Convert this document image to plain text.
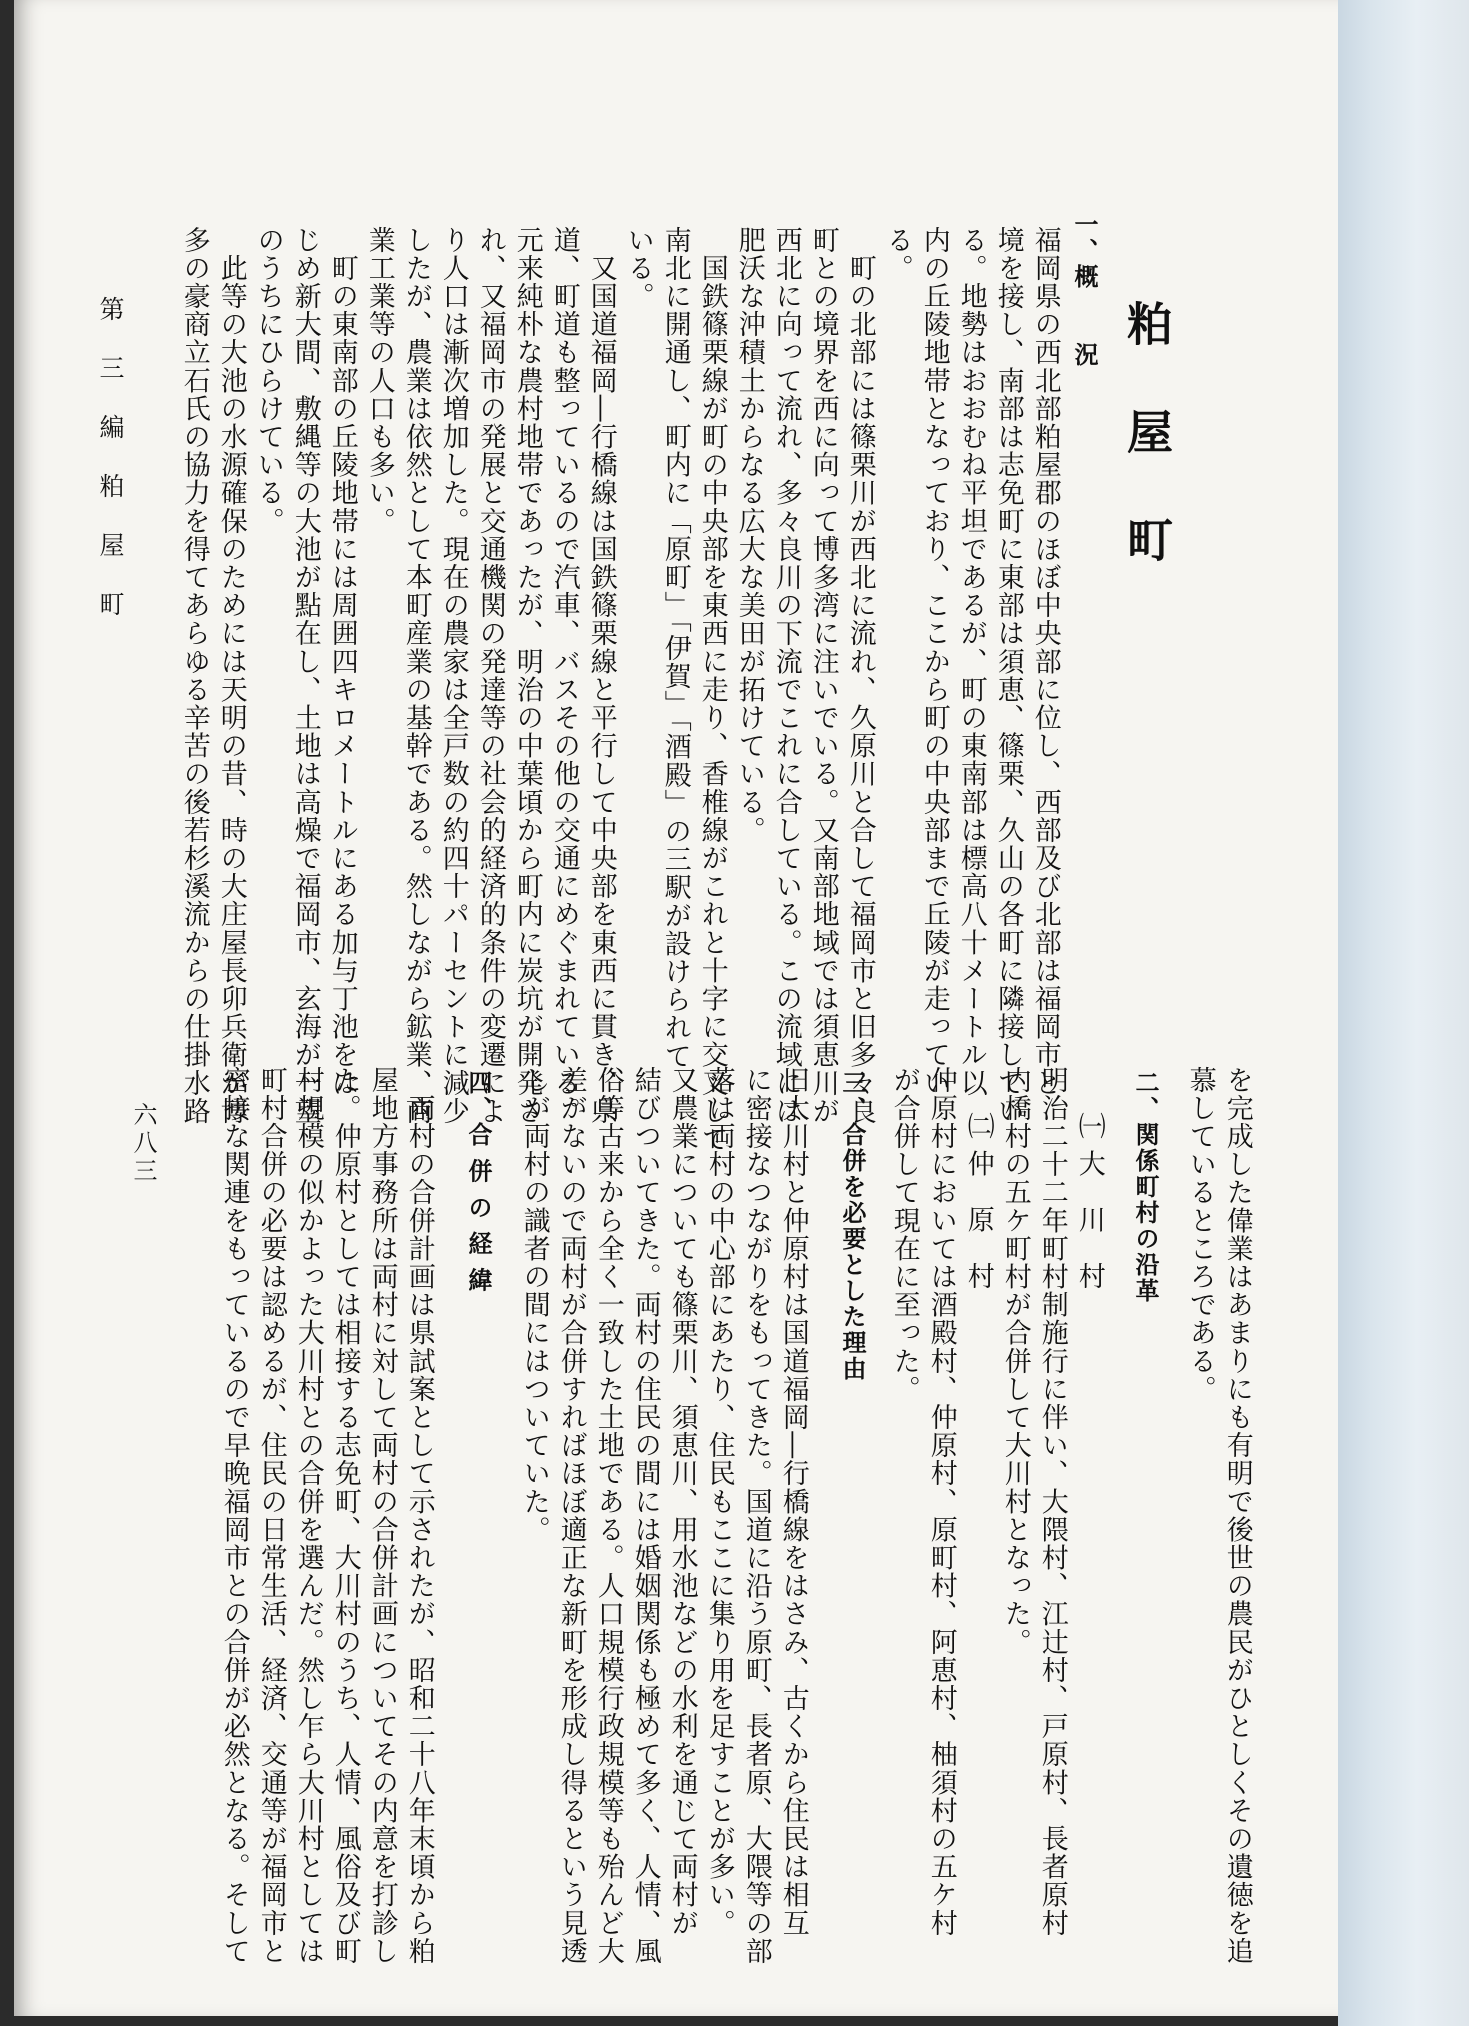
粕屋町
一、概　　況
福岡県の西北部粕屋郡のほぼ中央部に位し、西部及び北部は福岡市と
境を接し、南部は志免町に東部は須恵、篠栗、久山の各町に隣接してい
る。地勢はおおむね平坦であるが、町の東南部は標高八十メートル以
内の丘陵地帯となっており、ここから町の中央部まで丘陵が走ってい
る。
　町の北部には篠栗川が西北に流れ、久原川と合して福岡市と旧多々良
町との境界を西に向って博多湾に注いでいる。又南部地域では須恵川が
西北に向って流れ、多々良川の下流でこれに合している。この流域には
肥沃な沖積土からなる広大な美田が拓けている。
　国鉄篠栗線が町の中央部を東西に走り、香椎線がこれと十字に交叉して
南北に開通し、町内に「原町」「伊賀」「酒殿」の三駅が設けられて
いる。
　又国道福岡―行橋線は国鉄篠栗線と平行して中央部を東西に貫き、県
道、町道も整っているので汽車、バスその他の交通にめぐまれている。
元来純朴な農村地帯であったが、明治の中葉頃から町内に炭坑が開発さ
れ、又福岡市の発展と交通機関の発達等の社会的経済的条件の変遷によ
り人口は漸次増加した。現在の農家は全戸数の約四十パーセントに減少
したが、農業は依然として本町産業の基幹である。然しながら鉱業、商
業工業等の人口も多い。
　町の東南部の丘陵地帯には周囲四キロメートルにある加与丁池をは
じめ新大間、敷縄等の大池が點在し、土地は高燥で福岡市、玄海が一望
のうちにひらけている。
　此等の大池の水源確保のためには天明の昔、時の大庄屋長卯兵衛が博
多の豪商立石氏の協力を得てあらゆる辛苦の後若杉溪流からの仕掛水路
第三編粕屋町
を完成した偉業はあまりにも有明で後世の農民がひとしくその遺徳を追
慕しているところである。
二、関係町村の沿革
㈠ 大　川　村
明治二十二年町村制施行に伴い、大隈村、江辻村、戸原村、長者原村
内橋村の五ケ町村が合併して大川村となった。
㈡ 仲　原　村
仲原村においては酒殿村、仲原村、原町村、阿恵村、柚須村の五ケ村
が合併して現在に至った。
三、合併を必要とした理由
旧大川村と仲原村は国道福岡―行橋線をはさみ、古くから住民は相互
に密接なつながりをもってきた。国道に沿う原町、長者原、大隈等の部
落は両村の中心部にあたり、住民もここに集り用を足すことが多い。
又農業についても篠栗川、須恵川、用水池などの水利を通じて両村が
結びついてきた。両村の住民の間には婚姻関係も極めて多く、人情、風
俗等古来から全く一致した土地である。人口規模行政規模等も殆んど大
差がないので両村が合併すればほぼ適正な新町を形成し得るという見透
しが両村の識者の間にはついていた。
四、合 併 の 経 緯
　両村の合併計画は県試案として示されたが、昭和二十八年末頃から粕
屋地方事務所は両村に対して両村の合併計画についてその内意を打診し
た。仲原村としては相接する志免町、大川村のうち、人情、風俗及び町
村規模の似かよった大川村との合併を選んだ。然し乍ら大川村としては
町村合併の必要は認めるが、住民の日常生活、経済、交通等が福岡市と
密接な関連をもっているので早晩福岡市との合併が必然となる。そして
六八三
